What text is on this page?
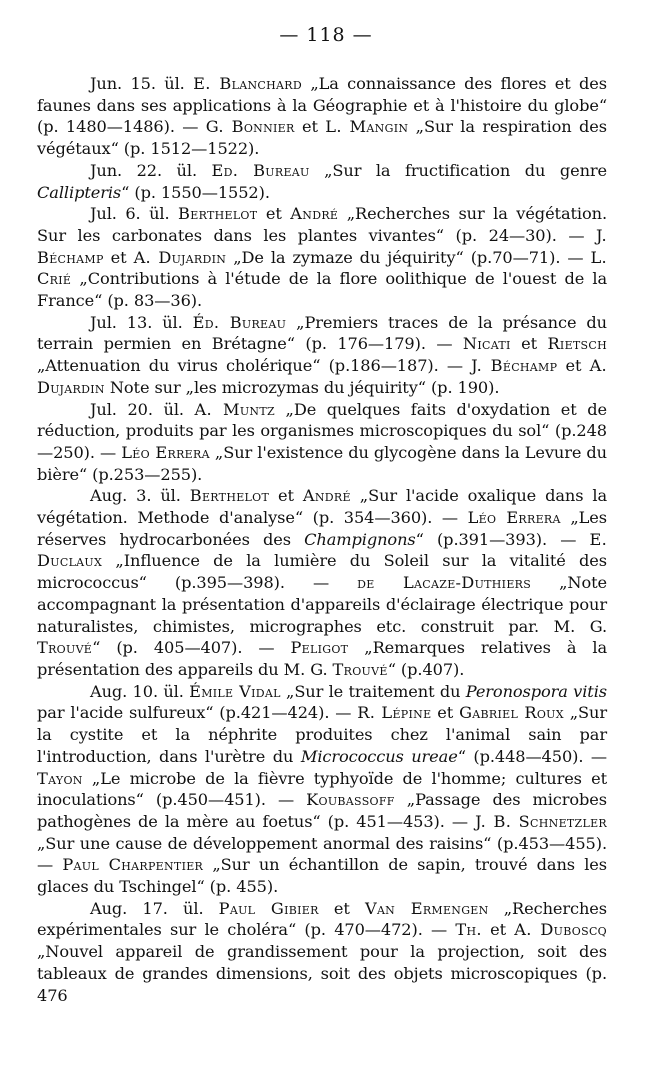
— 118 —

Jun. 15. ül. E. Blanchard „La connaissance des flores et des faunes dans ses applications à la Géographie et à l'histoire du globe“ (p. 1480—1486). — G. Bonnier et L. Mangin „Sur la respiration des végétaux“ (p. 1512—1522).

Jun. 22. ül. Ed. Bureau „Sur la fructification du genre Callipteris“ (p. 1550—1552).

Jul. 6. ül. Berthelot et André „Recherches sur la végétation. Sur les carbonates dans les plantes vivantes“ (p. 24—30). — J. Béchamp et A. Dujardin „De la zymaze du jéquirity“ (p.70—71). — L. Crié „Contributions à l'étude de la flore oolithique de l'ouest de la France“ (p. 83—36).

Jul. 13. ül. Éd. Bureau „Premiers traces de la présance du terrain permien en Brétagne“ (p. 176—179). — Nicati et Rietsch „Attenuation du virus cholérique“ (p.186—187). — J. Béchamp et A. Dujardin Note sur „les microzymas du jéquirity“ (p. 190).

Jul. 20. ül. A. Muntz „De quelques faits d'oxydation et de réduction, produits par les organismes microscopiques du sol“ (p.248—250). — Léo Errera „Sur l'existence du glycogène dans la Levure du bière“ (p.253—255).

Aug. 3. ül. Berthelot et André „Sur l'acide oxalique dans la végétation. Methode d'analyse“ (p. 354—360). — Léo Errera „Les réserves hydrocarbonées des Champignons“ (p.391—393). — E. Duclaux „Influence de la lumière du Soleil sur la vitalité des micrococcus“ (p.395—398). — de Lacaze-Duthiers „Note accompagnant la présentation d'appareils d'éclairage électrique pour naturalistes, chimistes, micrographes etc. construit par. M. G. Trouvé“ (p. 405—407). — Peligot „Remarques relatives à la présentation des appareils du M. G. Trouvé“ (p.407).

Aug. 10. ül. Émile Vidal „Sur le traitement du Peronospora vitis par l'acide sulfureux“ (p.421—424). — R. Lépine et Gabriel Roux „Sur la cystite et la néphrite produites chez l'animal sain par l'introduction, dans l'urètre du Micrococcus ureae“ (p.448—450). — Tayon „Le microbe de la fièvre typhyoïde de l'homme; cultures et inoculations“ (p.450—451). — Koubassoff „Passage des microbes pathogènes de la mère au foetus“ (p. 451—453). — J. B. Schnetzler „Sur une cause de développement anormal des raisins“ (p.453—455). — Paul Charpentier „Sur un échantillon de sapin, trouvé dans les glaces du Tschingel“ (p. 455).

Aug. 17. ül. Paul Gibier et Van Ermengen „Recherches expérimentales sur le choléra“ (p. 470—472). — Th. et A. Duboscq „Nouvel appareil de grandissement pour la projection, soit des tableaux de grandes dimensions, soit des objets microscopiques (p. 476
